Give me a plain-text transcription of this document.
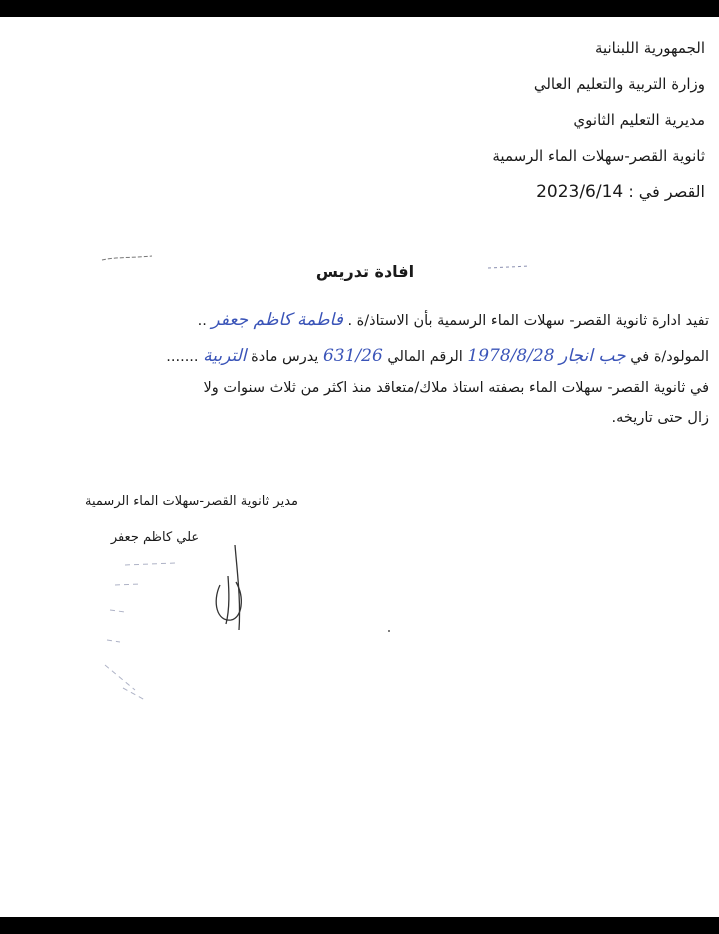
الجمهورية اللبنانية
وزارة التربية والتعليم العالي
مديرية التعليم الثانوي
ثانوية القصر-سهلات الماء الرسمية
القصر في : 2023/6/14
افادة تدريس
تفيد ادارة ثانوية القصر- سهلات الماء الرسمية بأن الاستاذ/ة . فاطمة كاظم جعفر ..
المولود/ة في جب انجار 1978/8/28 الرقم المالي 631/26 يدرس مادة التربية .......
في ثانوية القصر- سهلات الماء بصفته استاذ ملاك/متعاقد منذ اكثر من ثلاث سنوات ولا
زال حتى تاريخه.
مدير ثانوية القصر-سهلات الماء الرسمية
علي كاظم جعفر
